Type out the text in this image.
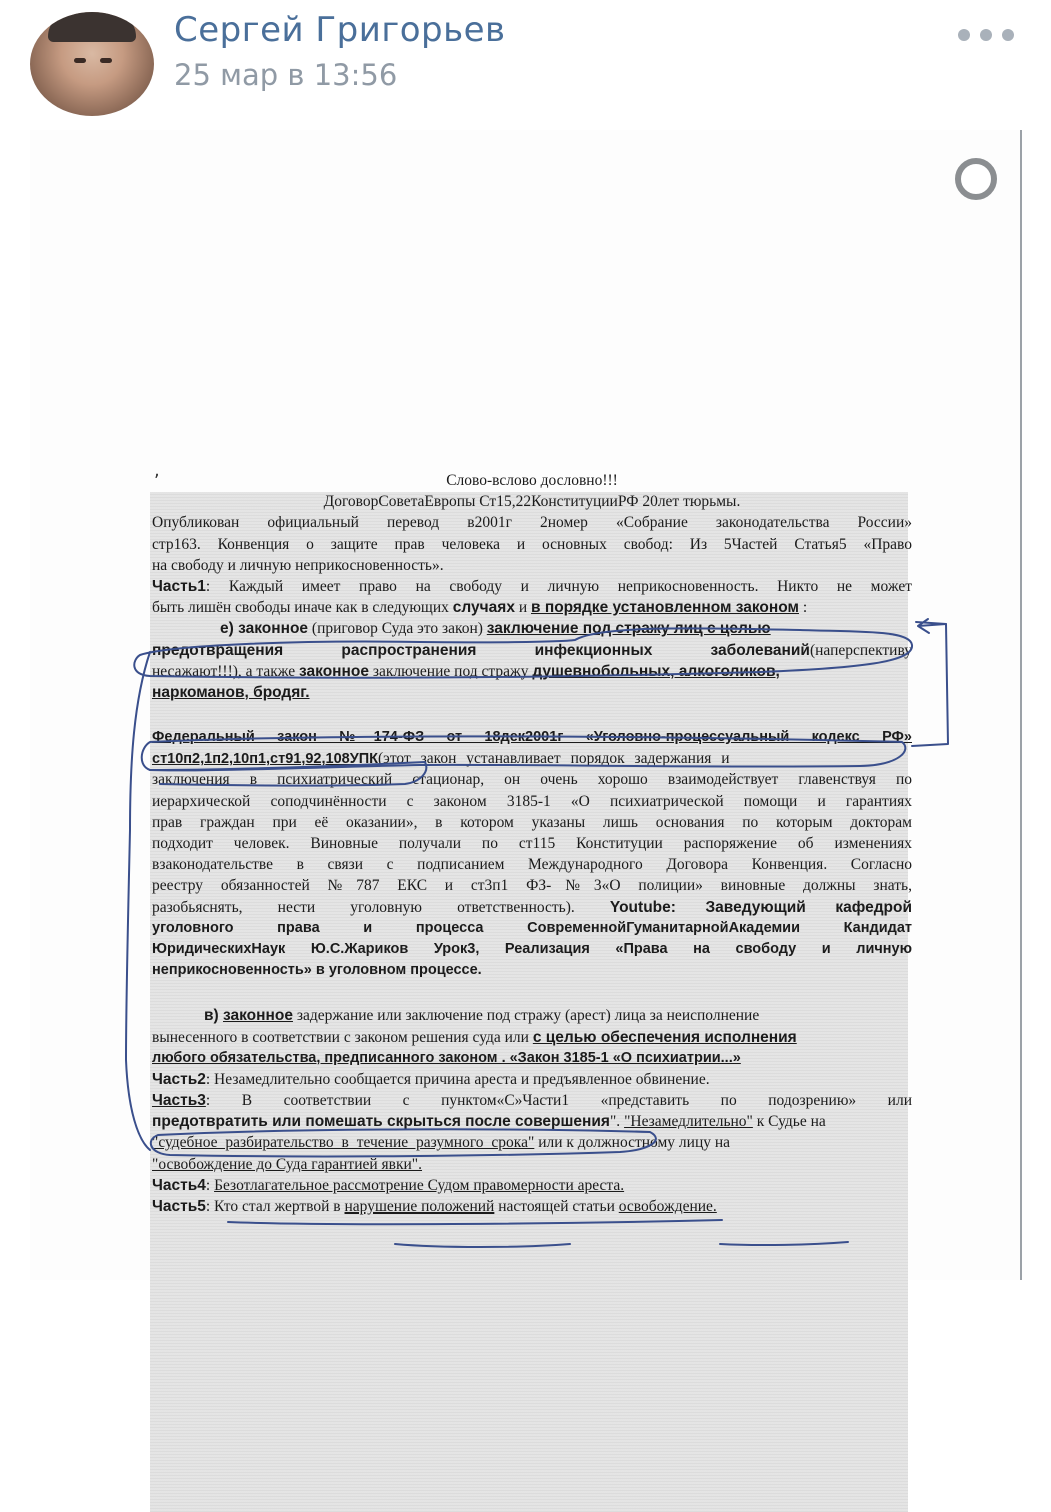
Сергей Григорьев
25 мар в 13:56
,	Слово-вслово дословно!!!
ДоговорСоветаЕвропы Ст15,22КонституцииРФ 20лет тюрьмы.
Опубликован официальный перевод в2001г 2номер «Собрание законодательства России»
стр163. Конвенция о защите прав человека и основных свобод: Из 5Частей Статья5 «Право
на свободу и личную неприкосновенность».
Часть1: Каждый имеет право на свободу и личную неприкосновенность. Никто не может
быть лишён свободы иначе как в следующих случаях и в порядке установленном законом :
е) законное (приговор Суда это закон) заключение под стражу лиц с целью
предотвращения распространения инфекционных заболеваний(наперспективу
несажают!!!), а также законное заключение под стражу душевнобольных, алкоголиков,
наркоманов, бродяг.
Федеральный закон №174-ФЗ от 18дек2001г «Уголовно-процессуальный кодекс РФ»
ст10п2,1п2,10п1,ст91,92,108УПК(этот закон устанавливает порядок задержания и
заключения в психиатрический стационар, он очень хорошо взаимодействует главенствуя по
иерархической соподчинённости с законом 3185-1 «О психиатрической помощи и гарантиях
прав граждан при её оказании», в котором указаны лишь основания по которым докторам
подходит человек. Виновные получали по ст115 Конституции распоряжение об изменениях
взаконодательстве в связи с подписанием Международного Договора Конвенция. Согласно
реестру обязанностей №787 ЕКС и ст3п1 ФЗ-№3«О полиции» виновные должны знать,
разобьяснять, нести уголовную ответственность). Youtube: Заведующий кафедрой
уголовного права и процесса СовременнойГуманитарнойАкадемии Кандидат
ЮридическихНаук Ю.С.Жариков Урок3, Реализация «Права на свободу и личную
неприкосновенность» в уголовном процессе.
в) законное задержание или заключение под стражу (арест) лица за неисполнение
вынесенного в соответствии с законом решения суда или с целью обеспечения исполнения
любого обязательства, предписанного законом . «Закон 3185-1 «О психиатрии...»
Часть2: Незамедлительно сообщается причина ареста и предъявленное обвинение.
Часть3: В соответствии с пунктом«С»Части1 «представить по подозрению» или
предотвратить или помешать скрыться после совершения". "Незамедлительно" к Судье на
"судебное разбирательство в течение разумного срока" или к должностному лицу на
"освобождение до Суда гарантией явки".
Часть4: Безотлагательное рассмотрение Судом правомерности ареста.
Часть5: Кто стал жертвой в нарушение положений настоящей статьи освобождение.
